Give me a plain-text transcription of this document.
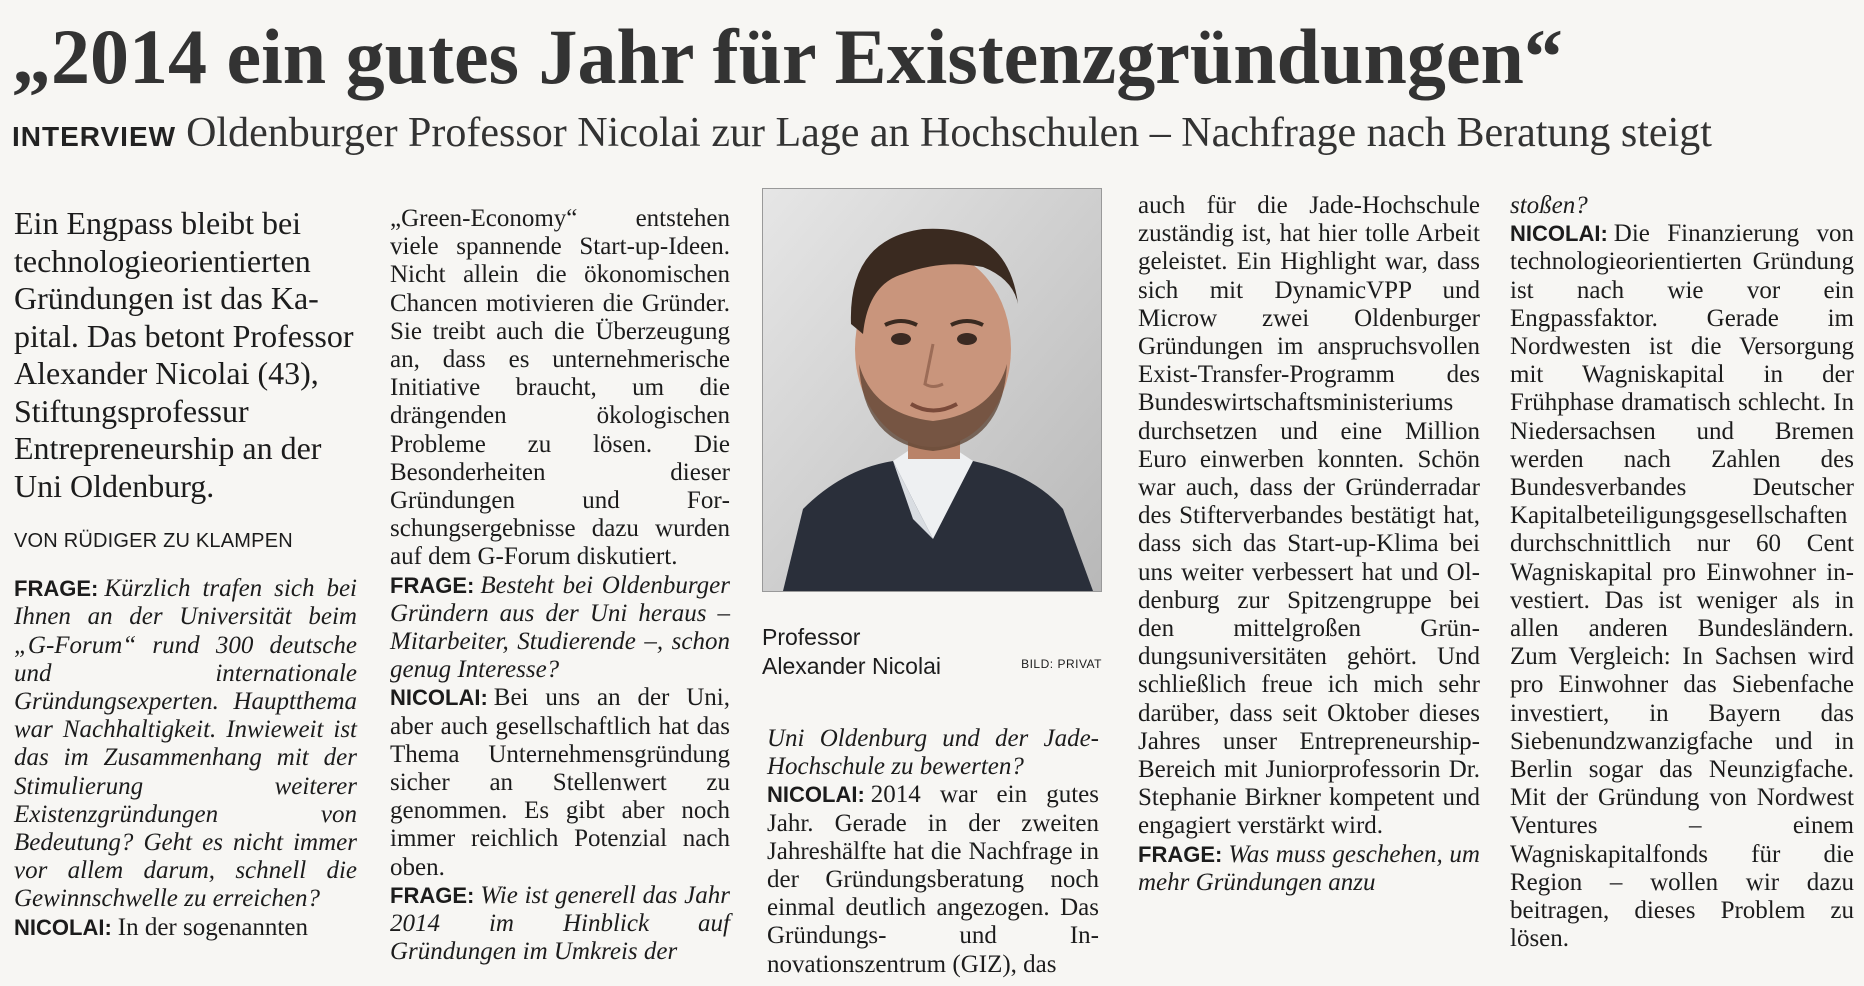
„2014 ein gutes Jahr für Existenzgründungen“
INTERVIEW Oldenburger Professor Nicolai zur Lage an Hochschulen – Nachfrage nach Beratung steigt

Ein Engpass bleibt bei technologieorientierten Gründungen ist das Kapital. Das betont Professor Alexander Nicolai (43), Stiftungsprofessur Entrepreneurship an der Uni Oldenburg.

VON RÜDIGER ZU KLAMPEN

FRAGE: Kürzlich trafen sich bei Ihnen an der Universität beim „G-Forum“ rund 300 deutsche und internationale Gründungsexperten. Hauptthema war Nachhaltigkeit. Inwieweit ist das im Zusammenhang mit der Stimulierung weiterer Existenzgründungen von Bedeutung? Geht es nicht immer vor allem darum, schnell die Gewinnschwelle zu erreichen?

NICOLAI: In der sogenannten

„Green-Economy“ entstehen viele spannende Start-up-Ideen. Nicht allein die ökonomischen Chancen motivieren die Gründer. Sie treibt auch die Überzeugung an, dass es unternehmerische Initiative braucht, um die drängenden ökologischen Probleme zu lösen. Die Besonderheiten dieser Gründungen und Forschungsergebnisse dazu wurden auf dem G-Forum diskutiert.

FRAGE: Besteht bei Oldenburger Gründern aus der Uni heraus – Mitarbeiter, Studierende –, schon genug Interesse?

NICOLAI: Bei uns an der Uni, aber auch gesellschaftlich hat das Thema Unternehmensgründung sicher an Stellenwert zu genommen. Es gibt aber noch immer reichlich Potenzial nach oben.

FRAGE: Wie ist generell das Jahr 2014 im Hinblick auf Gründungen im Umkreis der

Professor
Alexander Nicolai	BILD: PRIVAT

Uni Oldenburg und der Jade-Hochschule zu bewerten?

NICOLAI: 2014 war ein gutes Jahr. Gerade in der zweiten Jahreshälfte hat die Nachfrage in der Gründungsberatung noch einmal deutlich angezogen. Das Gründungs- und Innovationszentrum (GIZ), das

auch für die Jade-Hochschule zuständig ist, hat hier tolle Arbeit geleistet. Ein Highlight war, dass sich mit DynamicVPP und Microw zwei Oldenburger Gründungen im anspruchsvollen Exist-Transfer-Programm des Bundeswirtschaftsministeriums durchsetzen und eine Million Euro einwerben konnten. Schön war auch, dass der Gründerradar des Stifterverbandes bestätigt hat, dass sich das Start-up-Klima bei uns weiter verbessert hat und Oldenburg zur Spitzengruppe bei den mittelgroßen Gründungsuniversitäten gehört. Und schließlich freue ich mich sehr darüber, dass seit Oktober dieses Jahres unser Entrepreneurship-Bereich mit Juniorprofessorin Dr. Stephanie Birkner kompetent und engagiert verstärkt wird.

FRAGE: Was muss geschehen, um mehr Gründungen anzu

stoßen?

NICOLAI: Die Finanzierung von technologieorientierten Gründung ist nach wie vor ein Engpassfaktor. Gerade im Nordwesten ist die Versorgung mit Wagniskapital in der Frühphase dramatisch schlecht. In Niedersachsen und Bremen werden nach Zahlen des Bundesverbandes Deutscher Kapitalbeteiligungsgesellschaften durchschnittlich nur 60 Cent Wagniskapital pro Einwohner investiert. Das ist weniger als in allen anderen Bundesländern. Zum Vergleich: In Sachsen wird pro Einwohner das Siebenfache investiert, in Bayern das Siebenundzwanzigfache und in Berlin sogar das Neunzigfache. Mit der Gründung von Nordwest Ventures – einem Wagniskapitalfonds für die Region – wollen wir dazu beitragen, dieses Problem zu lösen.
